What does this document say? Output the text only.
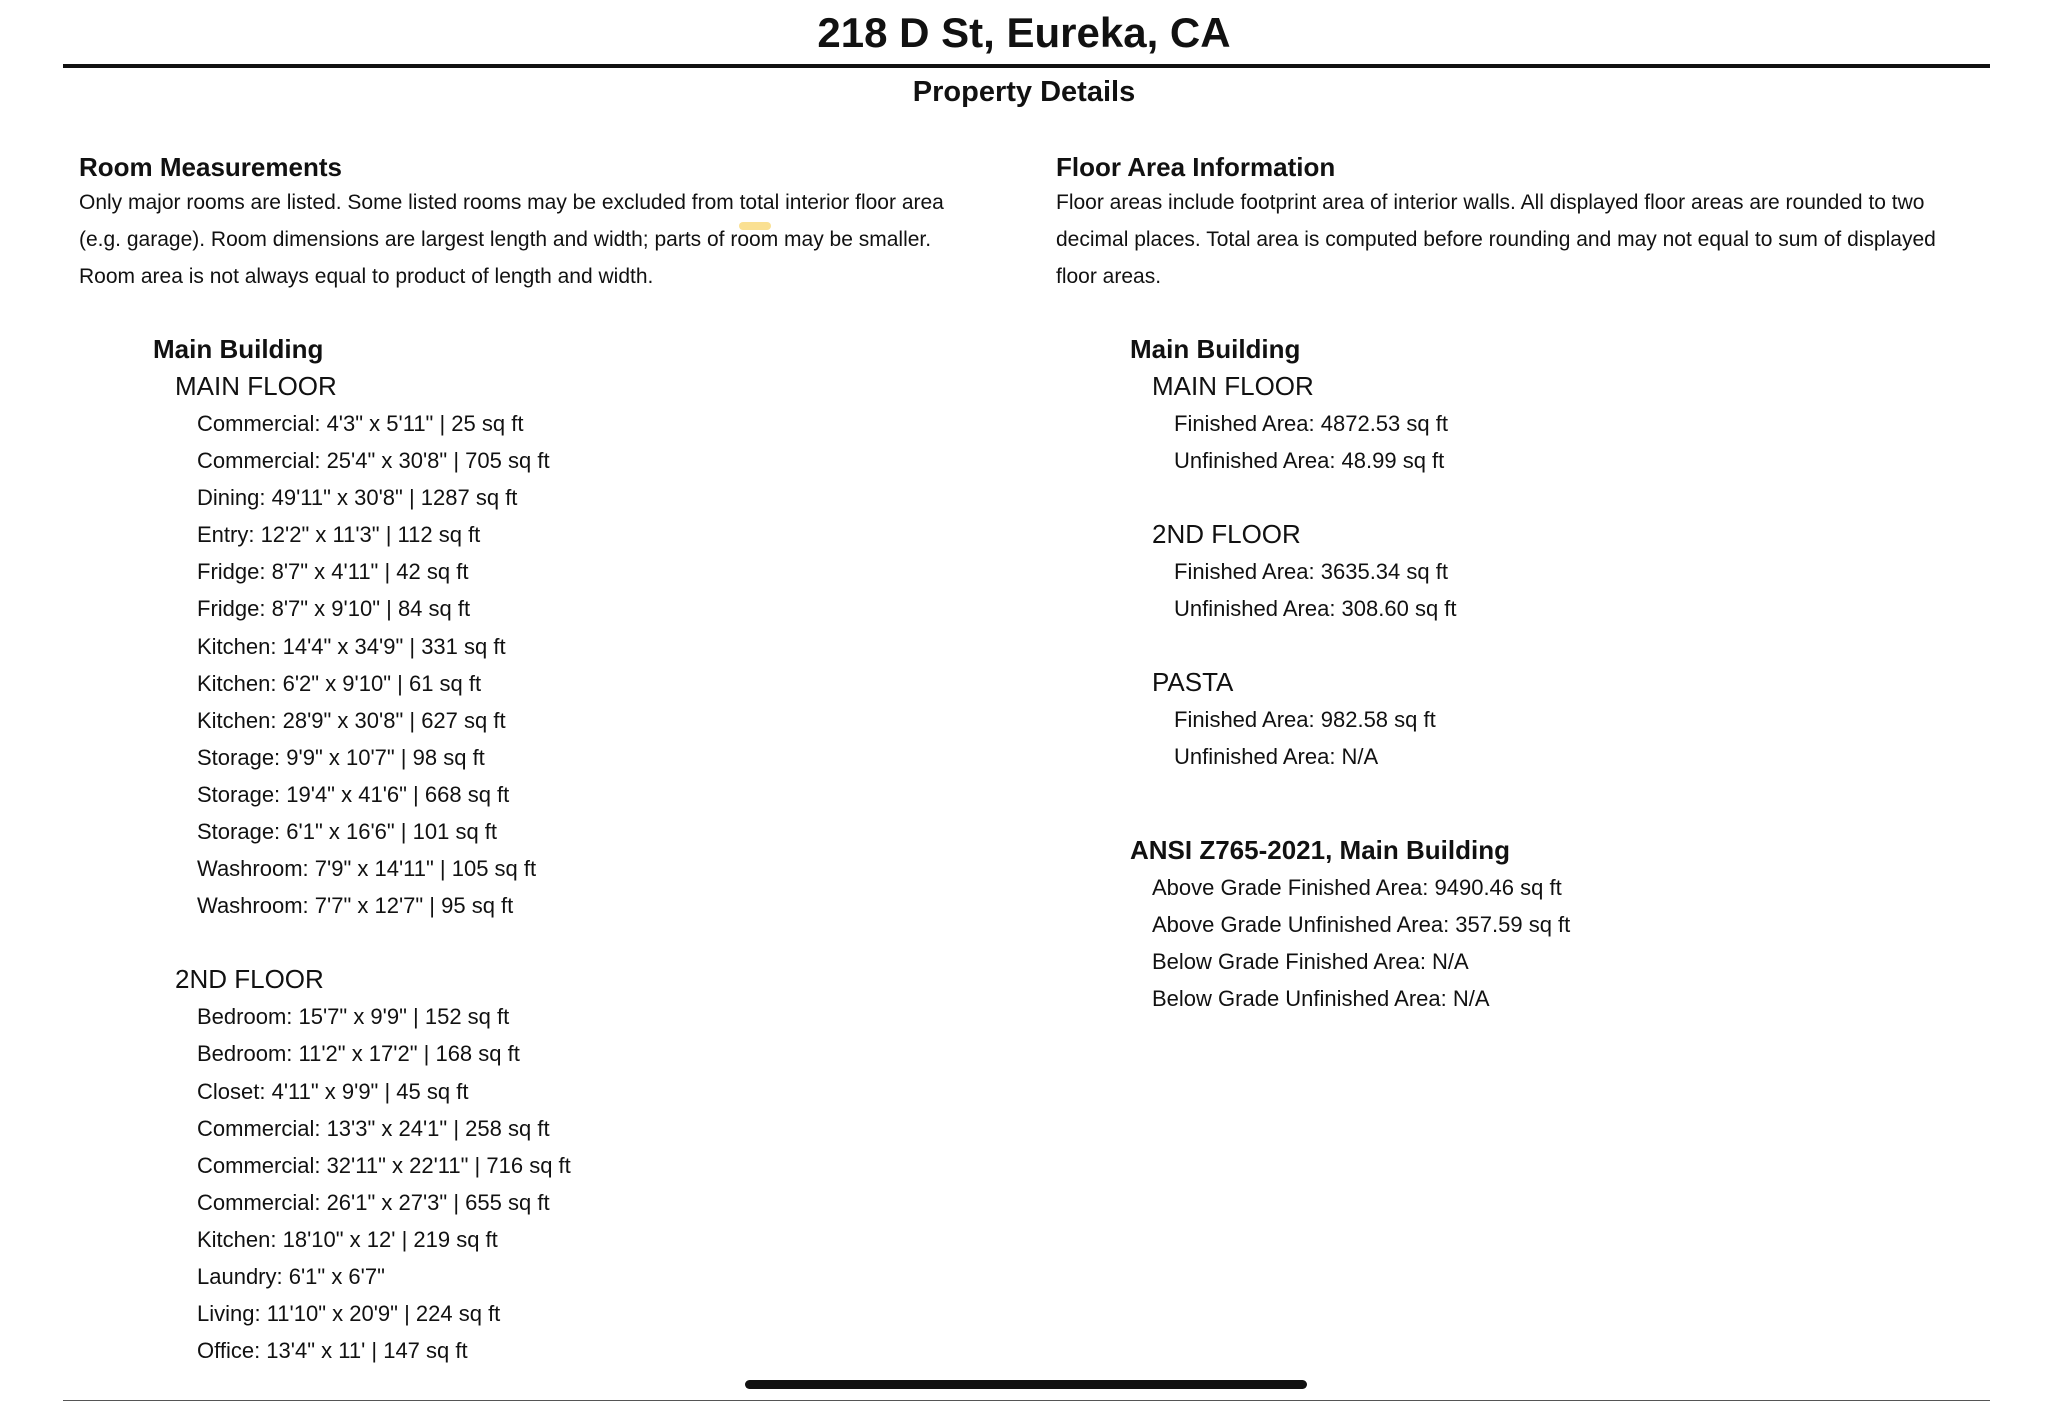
218 D St, Eureka, CA
Property Details
Room Measurements
Only major rooms are listed. Some listed rooms may be excluded from total interior floor area
(e.g. garage). Room dimensions are largest length and width; parts of room may be smaller.
Room area is not always equal to product of length and width.
Main Building
MAIN FLOOR
Commercial: 4'3" x 5'11" | 25 sq ft
Commercial: 25'4" x 30'8" | 705 sq ft
Dining: 49'11" x 30'8" | 1287 sq ft
Entry: 12'2" x 11'3" | 112 sq ft
Fridge: 8'7" x 4'11" | 42 sq ft
Fridge: 8'7" x 9'10" | 84 sq ft
Kitchen: 14'4" x 34'9" | 331 sq ft
Kitchen: 6'2" x 9'10" | 61 sq ft
Kitchen: 28'9" x 30'8" | 627 sq ft
Storage: 9'9" x 10'7" | 98 sq ft
Storage: 19'4" x 41'6" | 668 sq ft
Storage: 6'1" x 16'6" | 101 sq ft
Washroom: 7'9" x 14'11" | 105 sq ft
Washroom: 7'7" x 12'7" | 95 sq ft
2ND FLOOR
Bedroom: 15'7" x 9'9" | 152 sq ft
Bedroom: 11'2" x 17'2" | 168 sq ft
Closet: 4'11" x 9'9" | 45 sq ft
Commercial: 13'3" x 24'1" | 258 sq ft
Commercial: 32'11" x 22'11" | 716 sq ft
Commercial: 26'1" x 27'3" | 655 sq ft
Kitchen: 18'10" x 12' | 219 sq ft
Laundry: 6'1" x 6'7"
Living: 11'10" x 20'9" | 224 sq ft
Office: 13'4" x 11' | 147 sq ft
Floor Area Information
Floor areas include footprint area of interior walls. All displayed floor areas are rounded to two
decimal places. Total area is computed before rounding and may not equal to sum of displayed
floor areas.
Main Building
MAIN FLOOR
Finished Area: 4872.53 sq ft
Unfinished Area: 48.99 sq ft
2ND FLOOR
Finished Area: 3635.34 sq ft
Unfinished Area: 308.60 sq ft
PASTA
Finished Area: 982.58 sq ft
Unfinished Area: N/A
ANSI Z765-2021, Main Building
Above Grade Finished Area: 9490.46 sq ft
Above Grade Unfinished Area: 357.59 sq ft
Below Grade Finished Area: N/A
Below Grade Unfinished Area: N/A
